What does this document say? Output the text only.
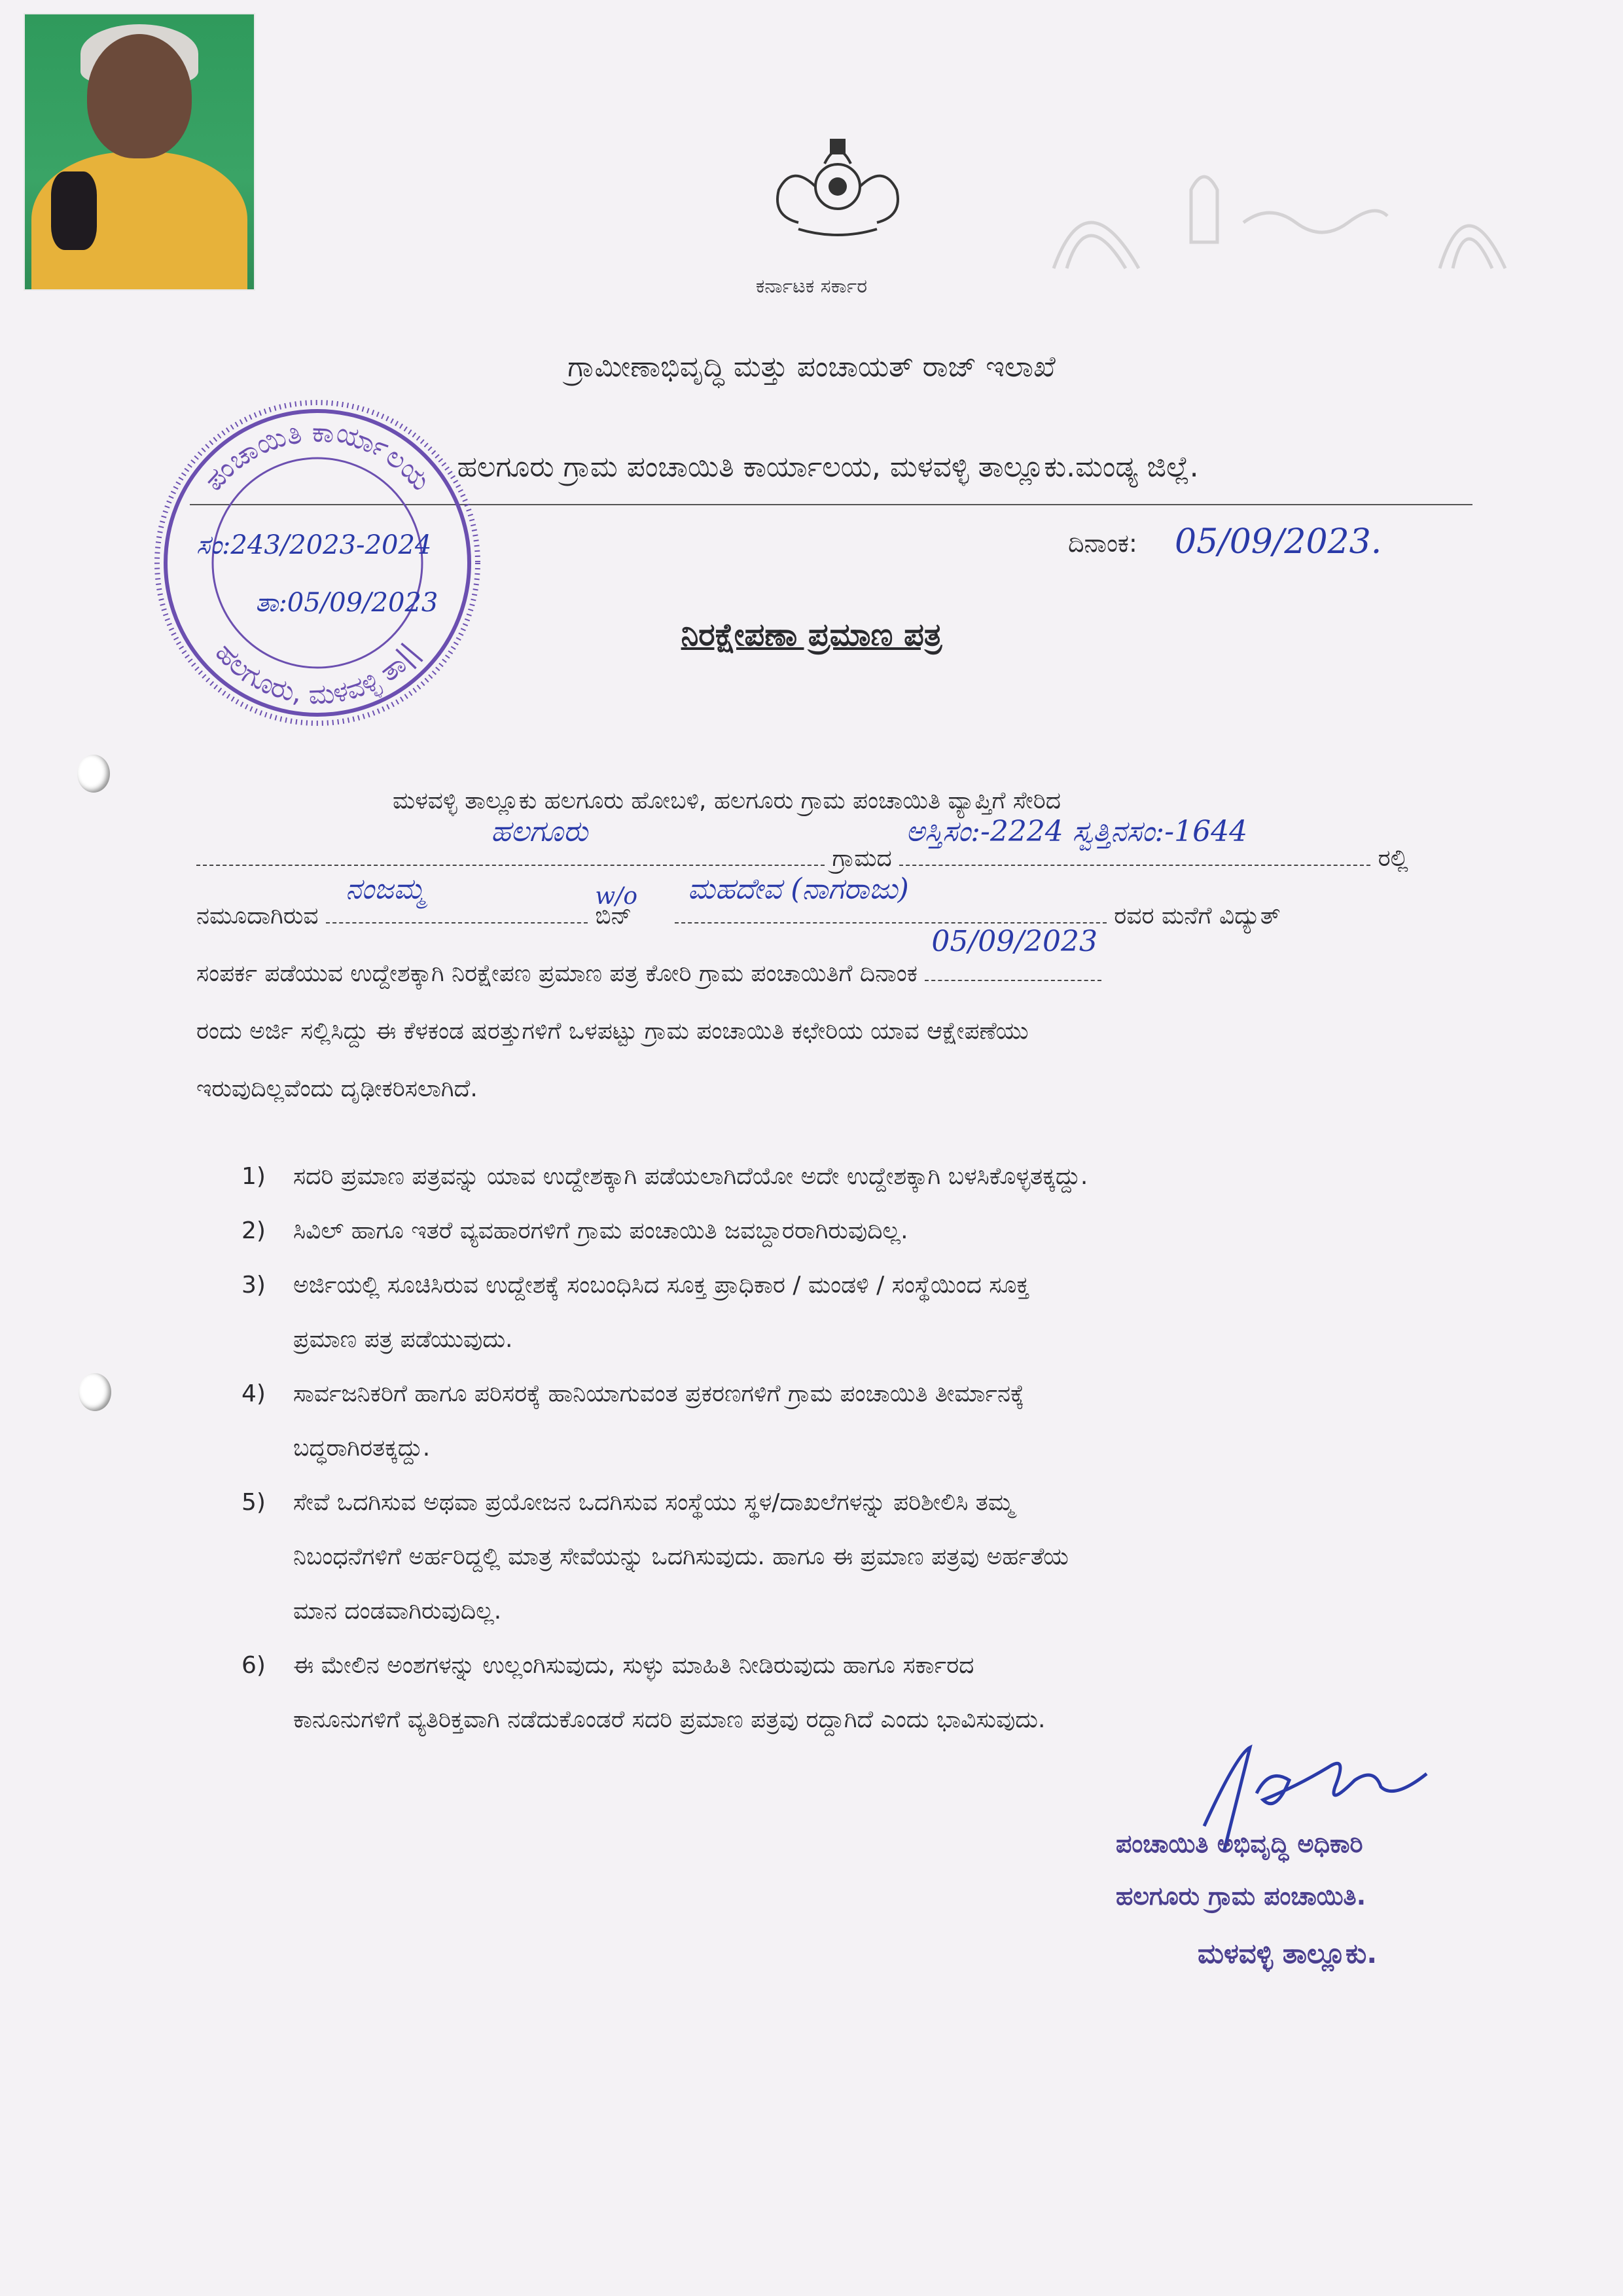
ಕರ್ನಾಟಕ ಸರ್ಕಾರ
ಗ್ರಾಮೀಣಾಭಿವೃದ್ಧಿ ಮತ್ತು ಪಂಚಾಯತ್ ರಾಜ್ ಇಲಾಖೆ
ಹಲಗೂರು ಗ್ರಾಮ ಪಂಚಾಯಿತಿ ಕಾರ್ಯಾಲಯ, ಮಳವಳ್ಳಿ ತಾಲ್ಲೂಕು.ಮಂಡ್ಯ ಜಿಲ್ಲೆ.
ಪಂಚಾಯಿತಿ ಕಾರ್ಯಾಲಯ
ಹಲಗೂರು, ಮಳವಳ್ಳಿ ತಾ||
ಸಂ:243/2023-2024
ತಾ:05/09/2023
ದಿನಾಂಕ: 05/09/2023.
ನಿರಕ್ಷೇಪಣಾ ಪ್ರಮಾಣ ಪತ್ರ
ಮಳವಳ್ಳಿ ತಾಲ್ಲೂಕು ಹಲಗೂರು ಹೋಬಳಿ, ಹಲಗೂರು ಗ್ರಾಮ ಪಂಚಾಯಿತಿ ವ್ಯಾಪ್ತಿಗೆ ಸೇರಿದ
ಹಲಗೂರು
ಗ್ರಾಮದ
ಅಸ್ತಿಸಂ:-2224 ಸ್ವತ್ತಿನಸಂ:-1644
ರಲ್ಲಿ
ನಮೂದಾಗಿರುವ
ನಂಜಮ್ಮ
ಬಿನ್
w/o
ಮಹದೇವ (ನಾಗರಾಜು)
ರವರ ಮನೆಗೆ ವಿದ್ಯುತ್
ಸಂಪರ್ಕ ಪಡೆಯುವ ಉದ್ದೇಶಕ್ಕಾಗಿ ನಿರಕ್ಷೇಪಣ ಪ್ರಮಾಣ ಪತ್ರ ಕೋರಿ ಗ್ರಾಮ ಪಂಚಾಯಿತಿಗೆ ದಿನಾಂಕ
05/09/2023
ರಂದು ಅರ್ಜಿ ಸಲ್ಲಿಸಿದ್ದು ಈ ಕೆಳಕಂಡ ಷರತ್ತುಗಳಿಗೆ ಒಳಪಟ್ಟು ಗ್ರಾಮ ಪಂಚಾಯಿತಿ ಕಛೇರಿಯ ಯಾವ ಆಕ್ಷೇಪಣೆಯು
ಇರುವುದಿಲ್ಲವೆಂದು ದೃಢೀಕರಿಸಲಾಗಿದೆ.
1) ಸದರಿ ಪ್ರಮಾಣ ಪತ್ರವನ್ನು ಯಾವ ಉದ್ದೇಶಕ್ಕಾಗಿ ಪಡೆಯಲಾಗಿದೆಯೋ ಅದೇ ಉದ್ದೇಶಕ್ಕಾಗಿ ಬಳಸಿಕೊಳ್ಳತಕ್ಕದ್ದು.
2) ಸಿವಿಲ್ ಹಾಗೂ ಇತರೆ ವ್ಯವಹಾರಗಳಿಗೆ ಗ್ರಾಮ ಪಂಚಾಯಿತಿ ಜವಬ್ದಾರರಾಗಿರುವುದಿಲ್ಲ.
3) ಅರ್ಜಿಯಲ್ಲಿ ಸೂಚಿಸಿರುವ ಉದ್ದೇಶಕ್ಕೆ ಸಂಬಂಧಿಸಿದ ಸೂಕ್ತ ಪ್ರಾಧಿಕಾರ / ಮಂಡಳಿ / ಸಂಸ್ಥೆಯಿಂದ ಸೂಕ್ತ
ಪ್ರಮಾಣ ಪತ್ರ ಪಡೆಯುವುದು.
4) ಸಾರ್ವಜನಿಕರಿಗೆ ಹಾಗೂ ಪರಿಸರಕ್ಕೆ ಹಾನಿಯಾಗುವಂತ ಪ್ರಕರಣಗಳಿಗೆ ಗ್ರಾಮ ಪಂಚಾಯಿತಿ ತೀರ್ಮಾನಕ್ಕೆ
ಬದ್ಧರಾಗಿರತಕ್ಕದ್ದು.
5) ಸೇವೆ ಒದಗಿಸುವ ಅಥವಾ ಪ್ರಯೋಜನ ಒದಗಿಸುವ ಸಂಸ್ಥೆಯು ಸ್ಥಳ/ದಾಖಲೆಗಳನ್ನು ಪರಿಶೀಲಿಸಿ ತಮ್ಮ
ನಿಬಂಧನೆಗಳಿಗೆ ಅರ್ಹರಿದ್ದಲ್ಲಿ ಮಾತ್ರ ಸೇವೆಯನ್ನು ಒದಗಿಸುವುದು. ಹಾಗೂ ಈ ಪ್ರಮಾಣ ಪತ್ರವು ಅರ್ಹತೆಯ
ಮಾನ ದಂಡವಾಗಿರುವುದಿಲ್ಲ.
6) ಈ ಮೇಲಿನ ಅಂಶಗಳನ್ನು ಉಲ್ಲಂಗಿಸುವುದು, ಸುಳ್ಳು ಮಾಹಿತಿ ನೀಡಿರುವುದು ಹಾಗೂ ಸರ್ಕಾರದ
ಕಾನೂನುಗಳಿಗೆ ವ್ಯತಿರಿಕ್ತವಾಗಿ ನಡೆದುಕೊಂಡರೆ ಸದರಿ ಪ್ರಮಾಣ ಪತ್ರವು ರದ್ದಾಗಿದೆ ಎಂದು ಭಾವಿಸುವುದು.
ಪಂಚಾಯಿತಿ ಅಭಿವೃದ್ಧಿ ಅಧಿಕಾರಿ
ಹಲಗೂರು ಗ್ರಾಮ ಪಂಚಾಯಿತಿ.
ಮಳವಳ್ಳಿ ತಾಲ್ಲೂಕು.
